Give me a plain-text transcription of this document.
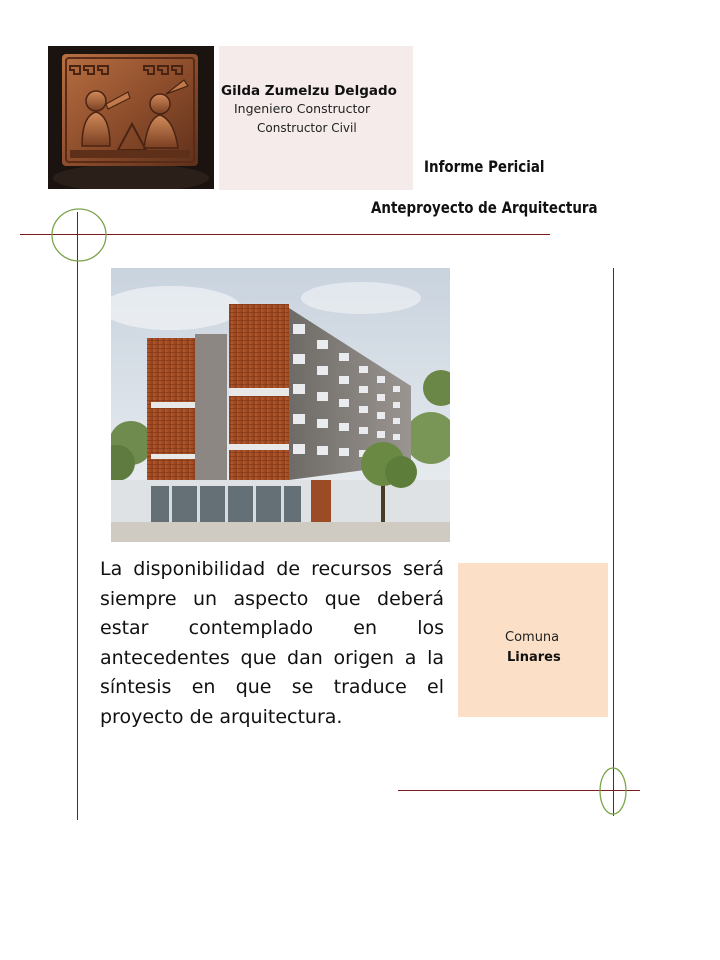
Gilda Zumelzu Delgado
Ingeniero Constructor
Constructor Civil
Informe Pericial
Anteproyecto de Arquitectura

La disponibilidad de recursos será siempre un aspecto que deberá estar contemplado en los antecedentes que dan origen a la síntesis en que se traduce el proyecto de arquitectura.

Comuna
Linares
